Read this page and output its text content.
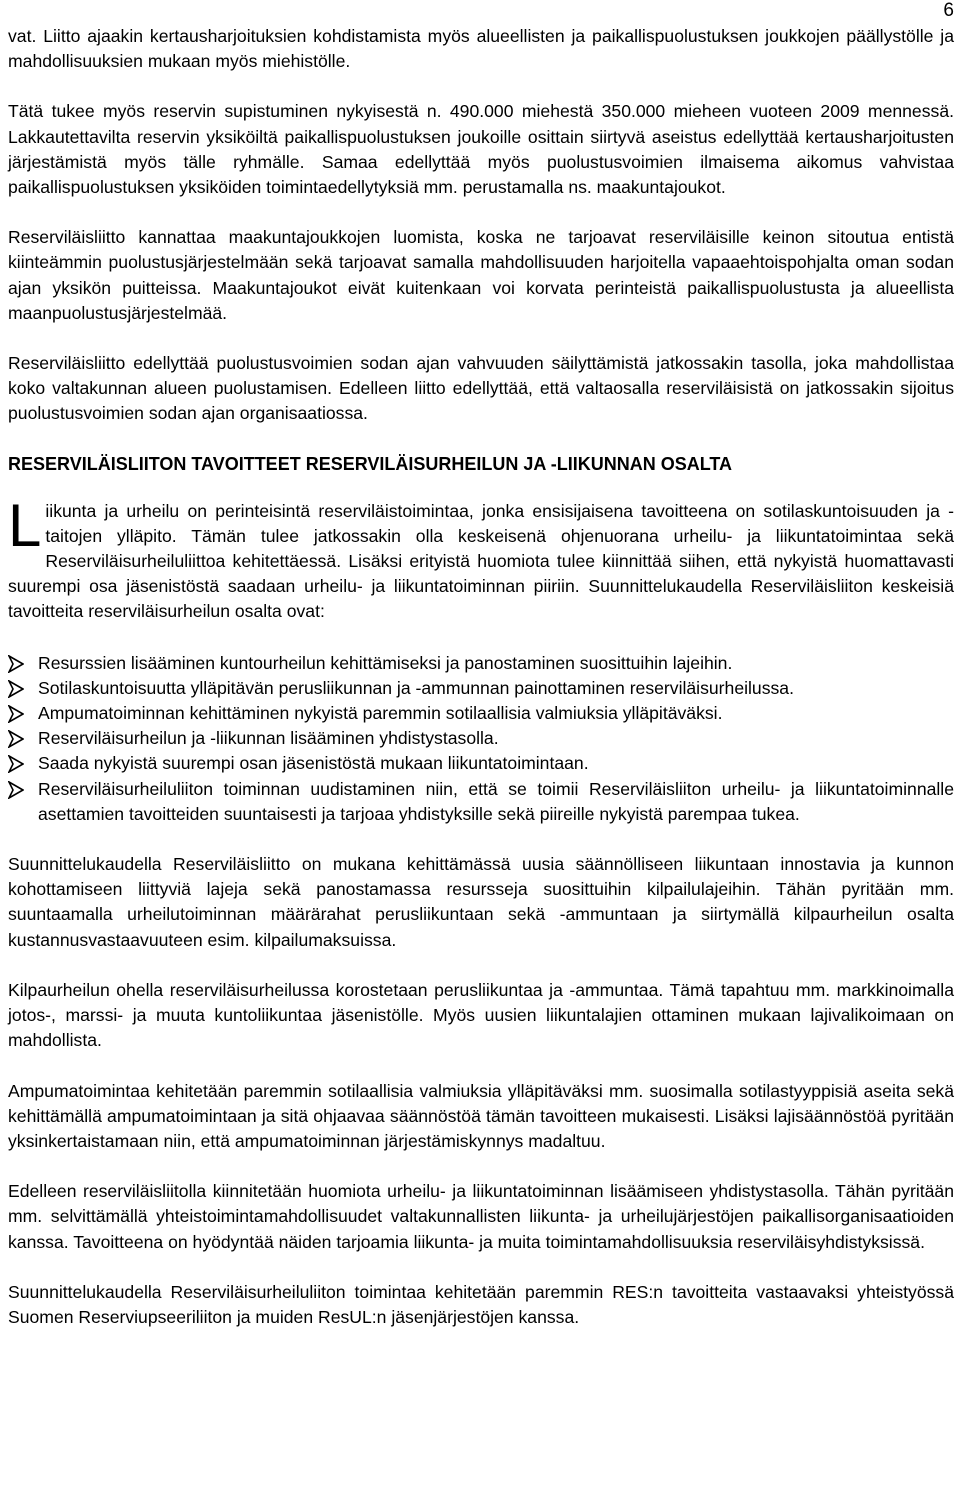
6

vat. Liitto ajaakin kertausharjoituksien kohdistamista myös alueellisten ja paikallispuolustuksen joukkojen päällystölle ja mahdollisuuksien mukaan myös miehistölle.

Tätä tukee myös reservin supistuminen nykyisestä n. 490.000 miehestä 350.000 mieheen vuoteen 2009 mennessä. Lakkautettavilta reservin yksiköiltä paikallispuolustuksen joukoille osittain siirtyvä aseistus edellyttää kertausharjoitusten järjestämistä myös tälle ryhmälle. Samaa edellyttää myös puolustusvoimien ilmaisema aikomus vahvistaa paikallispuolustuksen yksiköiden toimintaedellytyksiä mm. perustamalla ns. maakuntajoukot.

Reserviläisliitto kannattaa maakuntajoukkojen luomista, koska ne tarjoavat reserviläisille keinon sitoutua entistä kiinteämmin puolustusjärjestelmään sekä tarjoavat samalla mahdollisuuden harjoitella vapaaehtoispohjalta oman sodan ajan yksikön puitteissa. Maakuntajoukot eivät kuitenkaan voi korvata perinteistä paikallispuolustusta ja alueellista maanpuolustusjärjestelmää.

Reserviläisliitto edellyttää puolustusvoimien sodan ajan vahvuuden säilyttämistä jatkossakin tasolla, joka mahdollistaa koko valtakunnan alueen puolustamisen. Edelleen liitto edellyttää, että valtaosalla reserviläisistä on jatkossakin sijoitus puolustusvoimien sodan ajan organisaatiossa.

RESERVILÄISLIITON TAVOITTEET RESERVILÄISURHEILUN JA -LIIKUNNAN OSALTA

Liikunta ja urheilu on perinteisintä reserviläistoimintaa, jonka ensisijaisena tavoitteena on sotilaskuntoisuuden ja -taitojen ylläpito. Tämän tulee jatkossakin olla keskeisenä ohjenuorana urheilu- ja liikuntatoimintaa sekä Reserviläisurheiluliittoa kehitettäessä. Lisäksi erityistä huomiota tulee kiinnittää siihen, että nykyistä huomattavasti suurempi osa jäsenistöstä saadaan urheilu- ja liikuntatoiminnan piiriin. Suunnittelukaudella Reserviläisliiton keskeisiä tavoitteita reserviläisurheilun osalta ovat:

Resurssien lisääminen kuntourheilun kehittämiseksi ja panostaminen suosittuihin lajeihin.
Sotilaskuntoisuutta ylläpitävän perusliikunnan ja -ammunnan painottaminen reserviläisurheilussa.
Ampumatoiminnan kehittäminen nykyistä paremmin sotilaallisia valmiuksia ylläpitäväksi.
Reserviläisurheilun ja -liikunnan lisääminen yhdistystasolla.
Saada nykyistä suurempi osan jäsenistöstä mukaan liikuntatoimintaan.
Reserviläisurheiluliiton toiminnan uudistaminen niin, että se toimii Reserviläisliiton urheilu- ja liikuntatoiminnalle asettamien tavoitteiden suuntaisesti ja tarjoaa yhdistyksille sekä piireille nykyistä parempaa tukea.

Suunnittelukaudella Reserviläisliitto on mukana kehittämässä uusia säännölliseen liikuntaan innostavia ja kunnon kohottamiseen liittyviä lajeja sekä panostamassa resursseja suosittuihin kilpailulajeihin. Tähän pyritään mm. suuntaamalla urheilutoiminnan määrärahat perusliikuntaan sekä -ammuntaan ja siirtymällä kilpaurheilun osalta kustannusvastaavuuteen esim. kilpailumaksuissa.

Kilpaurheilun ohella reserviläisurheilussa korostetaan perusliikuntaa ja -ammuntaa. Tämä tapahtuu mm. markkinoimalla jotos-, marssi- ja muuta kuntoliikuntaa jäsenistölle. Myös uusien liikuntalajien ottaminen mukaan lajivalikoimaan on mahdollista.

Ampumatoimintaa kehitetään paremmin sotilaallisia valmiuksia ylläpitäväksi mm. suosimalla sotilastyyppisiä aseita sekä kehittämällä ampumatoimintaan ja sitä ohjaavaa säännöstöä tämän tavoitteen mukaisesti. Lisäksi lajisäännöstöä pyritään yksinkertaistamaan niin, että ampumatoiminnan järjestämiskynnys madaltuu.

Edelleen reserviläisliitolla kiinnitetään huomiota urheilu- ja liikuntatoiminnan lisäämiseen yhdistystasolla. Tähän pyritään mm. selvittämällä yhteistoimintamahdollisuudet valtakunnallisten liikunta- ja urheilujärjestöjen paikallisorganisaatioiden kanssa. Tavoitteena on hyödyntää näiden tarjoamia liikunta- ja muita toimintamahdollisuuksia reserviläisyhdistyksissä.

Suunnittelukaudella Reserviläisurheiluliiton toimintaa kehitetään paremmin RES:n tavoitteita vastaavaksi yhteistyössä Suomen Reserviupseeriliiton ja muiden ResUL:n jäsenjärjestöjen kanssa.
